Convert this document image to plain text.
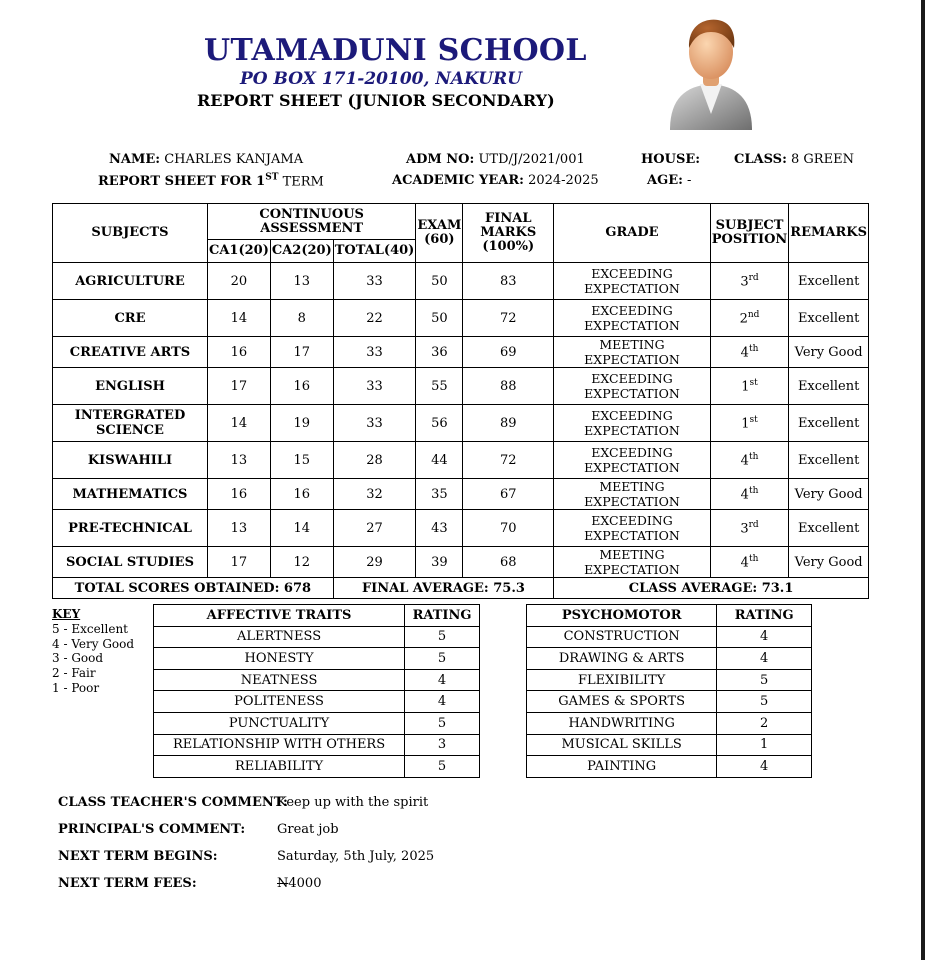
UTAMADUNI SCHOOL
PO BOX 171-20100, NAKURU
REPORT SHEET (JUNIOR SECONDARY)
NAME: CHARLES KANJAMA	ADM NO: UTD/J/2021/001	HOUSE:	CLASS: 8 GREEN
REPORT SHEET FOR 1ST TERM	ACADEMIC YEAR: 2024-2025	AGE: -
SUBJECTS	CONTINUOUS ASSESSMENT			EXAM (60)	FINAL MARKS (100%)	GRADE	SUBJECT POSITION	REMARKS
	CA1(20)	CA2(20)	TOTAL(40)					
AGRICULTURE	20	13	33	50	83	EXCEEDING EXPECTATION	3rd	Excellent
CRE	14	8	22	50	72	EXCEEDING EXPECTATION	2nd	Excellent
CREATIVE ARTS	16	17	33	36	69	MEETING EXPECTATION	4th	Very Good
ENGLISH	17	16	33	55	88	EXCEEDING EXPECTATION	1st	Excellent
INTERGRATED SCIENCE	14	19	33	56	89	EXCEEDING EXPECTATION	1st	Excellent
KISWAHILI	13	15	28	44	72	EXCEEDING EXPECTATION	4th	Excellent
MATHEMATICS	16	16	32	35	67	MEETING EXPECTATION	4th	Very Good
PRE-TECHNICAL	13	14	27	43	70	EXCEEDING EXPECTATION	3rd	Excellent
SOCIAL STUDIES	17	12	29	39	68	MEETING EXPECTATION	4th	Very Good
TOTAL SCORES OBTAINED: 678			FINAL AVERAGE: 75.3			CLASS AVERAGE: 73.1		
KEY
5 - Excellent
4 - Very Good
3 - Good
2 - Fair
1 - Poor
AFFECTIVE TRAITS	RATING
ALERTNESS	5
HONESTY	5
NEATNESS	4
POLITENESS	4
PUNCTUALITY	5
RELATIONSHIP WITH OTHERS	3
RELIABILITY	5
PSYCHOMOTOR	RATING
CONSTRUCTION	4
DRAWING & ARTS	4
FLEXIBILITY	5
GAMES & SPORTS	5
HANDWRITING	2
MUSICAL SKILLS	1
PAINTING	4
CLASS TEACHER'S COMMENT:
Keep up with the spirit
PRINCIPAL'S COMMENT: Great job
NEXT TERM BEGINS:	Saturday, 5th July, 2025
NEXT TERM FEES:	N4000
